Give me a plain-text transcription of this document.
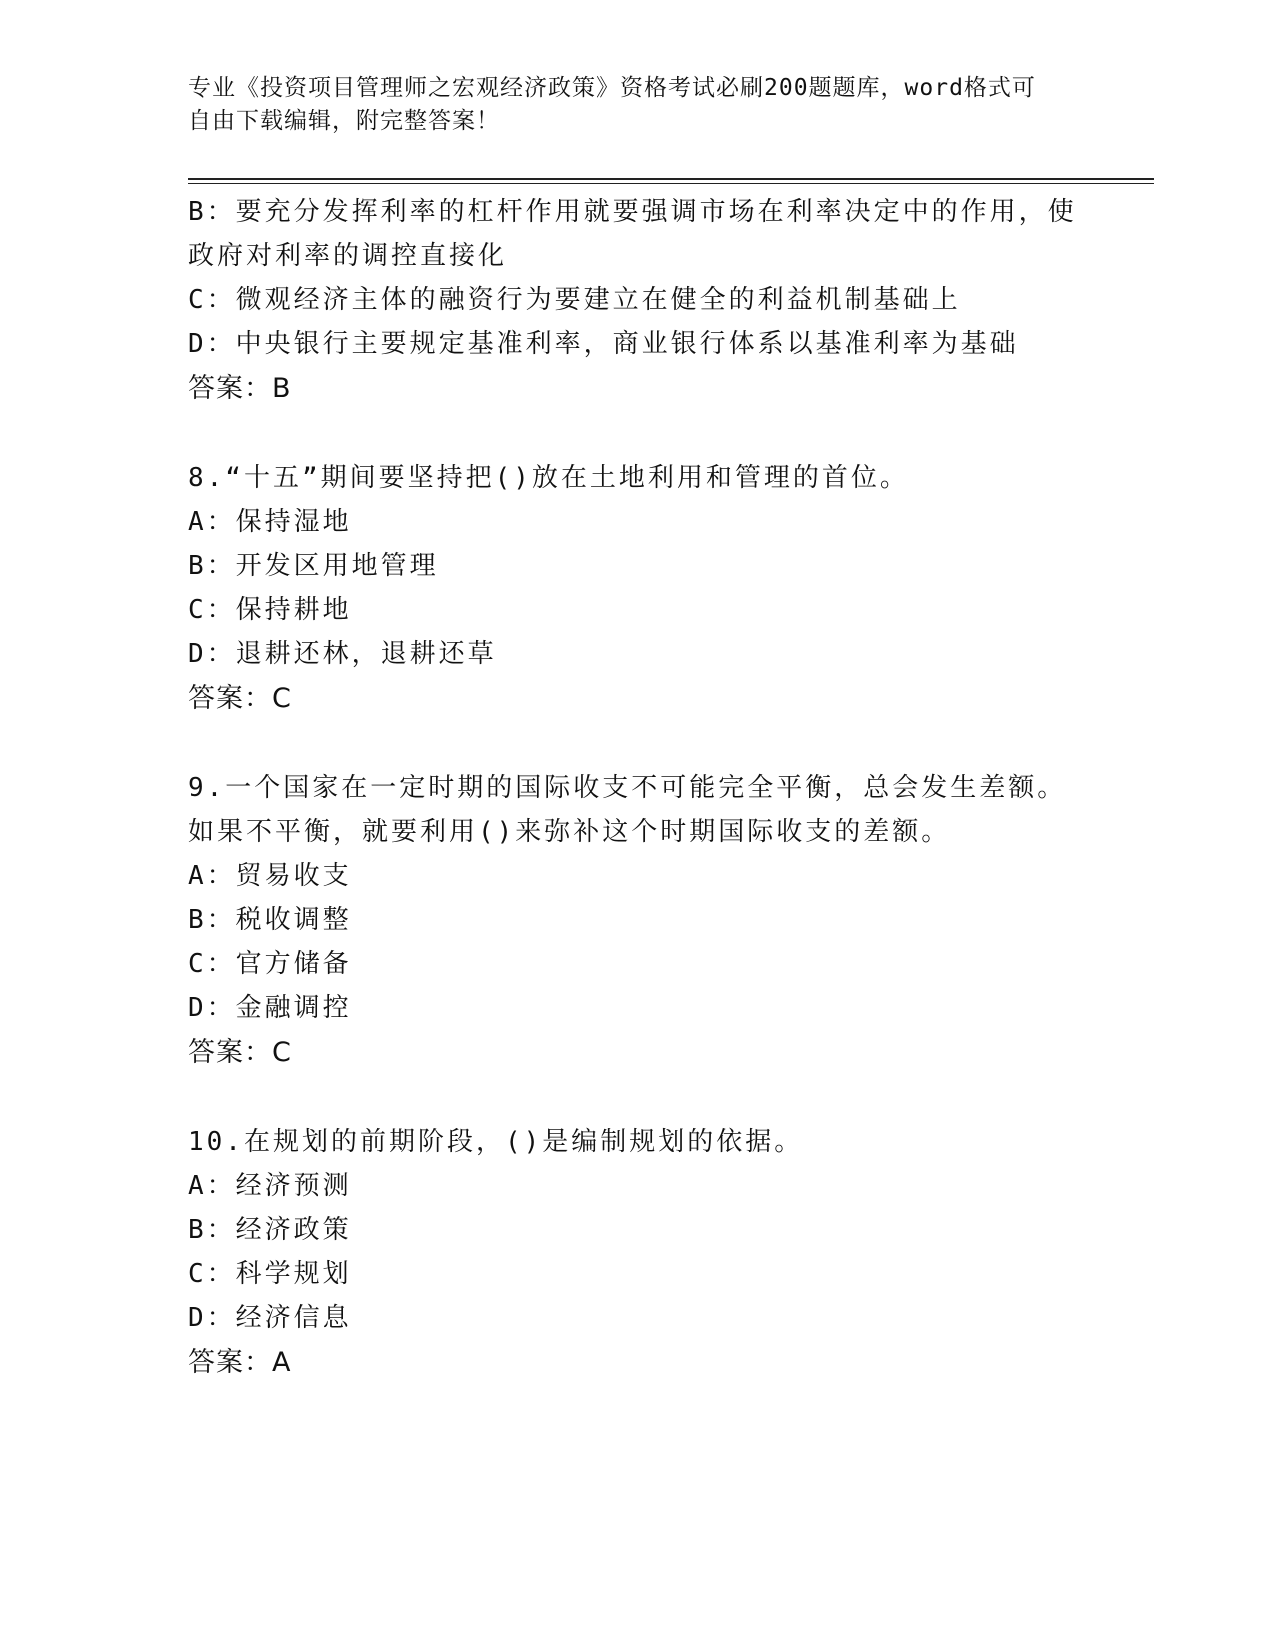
专业《投资项目管理师之宏观经济政策》资格考试必刷200题题库，word格式可
自由下载编辑，附完整答案！
B：要充分发挥利率的杠杆作用就要强调市场在利率决定中的作用，使
政府对利率的调控直接化
C：微观经济主体的融资行为要建立在健全的利益机制基础上
D：中央银行主要规定基准利率，商业银行体系以基准利率为基础
答案：B
8.“十五”期间要坚持把()放在土地利用和管理的首位。
A：保持湿地
B：开发区用地管理
C：保持耕地
D：退耕还林，退耕还草
答案：C
9.一个国家在一定时期的国际收支不可能完全平衡，总会发生差额。
如果不平衡，就要利用()来弥补这个时期国际收支的差额。
A：贸易收支
B：税收调整
C：官方储备
D：金融调控
答案：C
10.在规划的前期阶段，()是编制规划的依据。
A：经济预测
B：经济政策
C：科学规划
D：经济信息
答案：A
